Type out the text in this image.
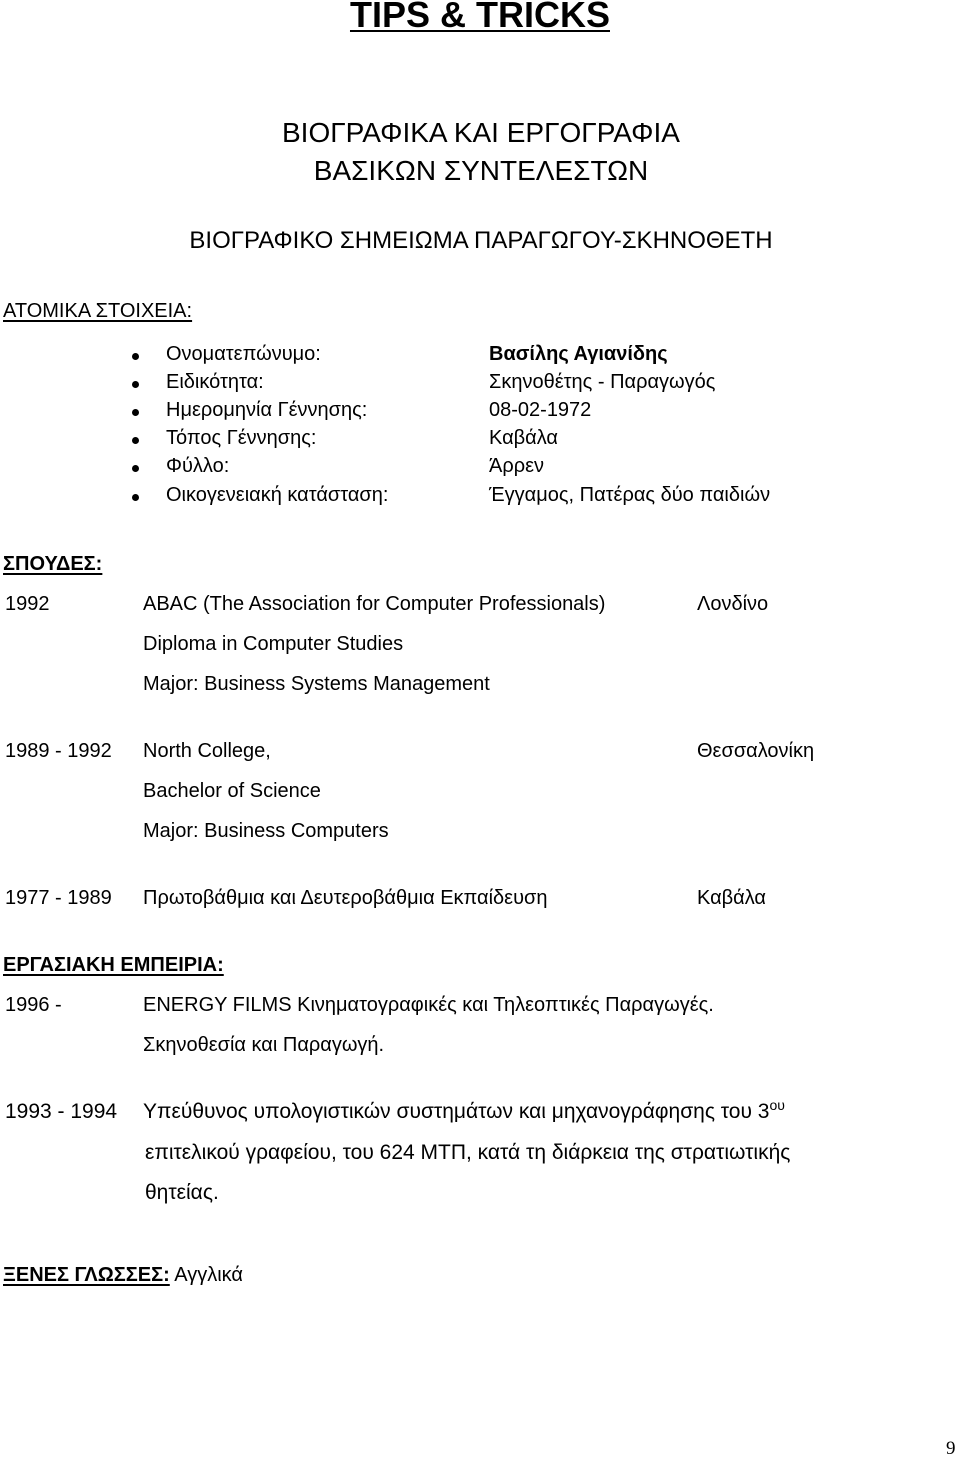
TIPS & TRICKS
ΒΙΟΓΡΑΦΙΚΑ ΚΑΙ ΕΡΓΟΓΡΑΦΙΑ
ΒΑΣΙΚΩΝ ΣΥΝΤΕΛΕΣΤΩΝ
ΒΙΟΓΡΑΦΙΚΟ ΣΗΜΕΙΩΜΑ ΠΑΡΑΓΩΓΟΥ-ΣΚΗΝΟΘΕΤΗ
ΑΤΟΜΙΚΑ ΣΤΟΙΧΕΙΑ:
Ονοματεπώνυμο:	Βασίλης Αγιανίδης
Ειδικότητα:	Σκηνοθέτης - Παραγωγός
Ημερομηνία Γέννησης:	08-02-1972
Τόπος Γέννησης:	Καβάλα
Φύλλο:	Άρρεν
Οικογενειακή κατάσταση:	Έγγαμος, Πατέρας δύο παιδιών
ΣΠΟΥΔΕΣ:
1992	ABAC (The Association for Computer Professionals)	Λονδίνο
Diploma in Computer Studies
Major: Business Systems Management
1989 - 1992 North College,	Θεσσαλονίκη
Bachelor of Science
Major: Business Computers
1977 - 1989 Πρωτοβάθμια και Δευτεροβάθμια Εκπαίδευση	Καβάλα
ΕΡΓΑΣΙΑΚΗ ΕΜΠΕΙΡΙΑ:
1996 -	ENERGY FILMS Κινηματογραφικές και Τηλεοπτικές Παραγωγές.
Σκηνοθεσία και Παραγωγή.
1993 - 1994 Υπεύθυνος υπολογιστικών συστημάτων και μηχανογράφησης του $3^{o\upsilon}$
επιτελικού γραφείου, του 624 ΜΤΠ, κατά τη διάρκεια της στρατιωτικής
θητείας.
ΞΕΝΕΣ ΓΛΩΣΣΕΣ: Αγγλικά
9
